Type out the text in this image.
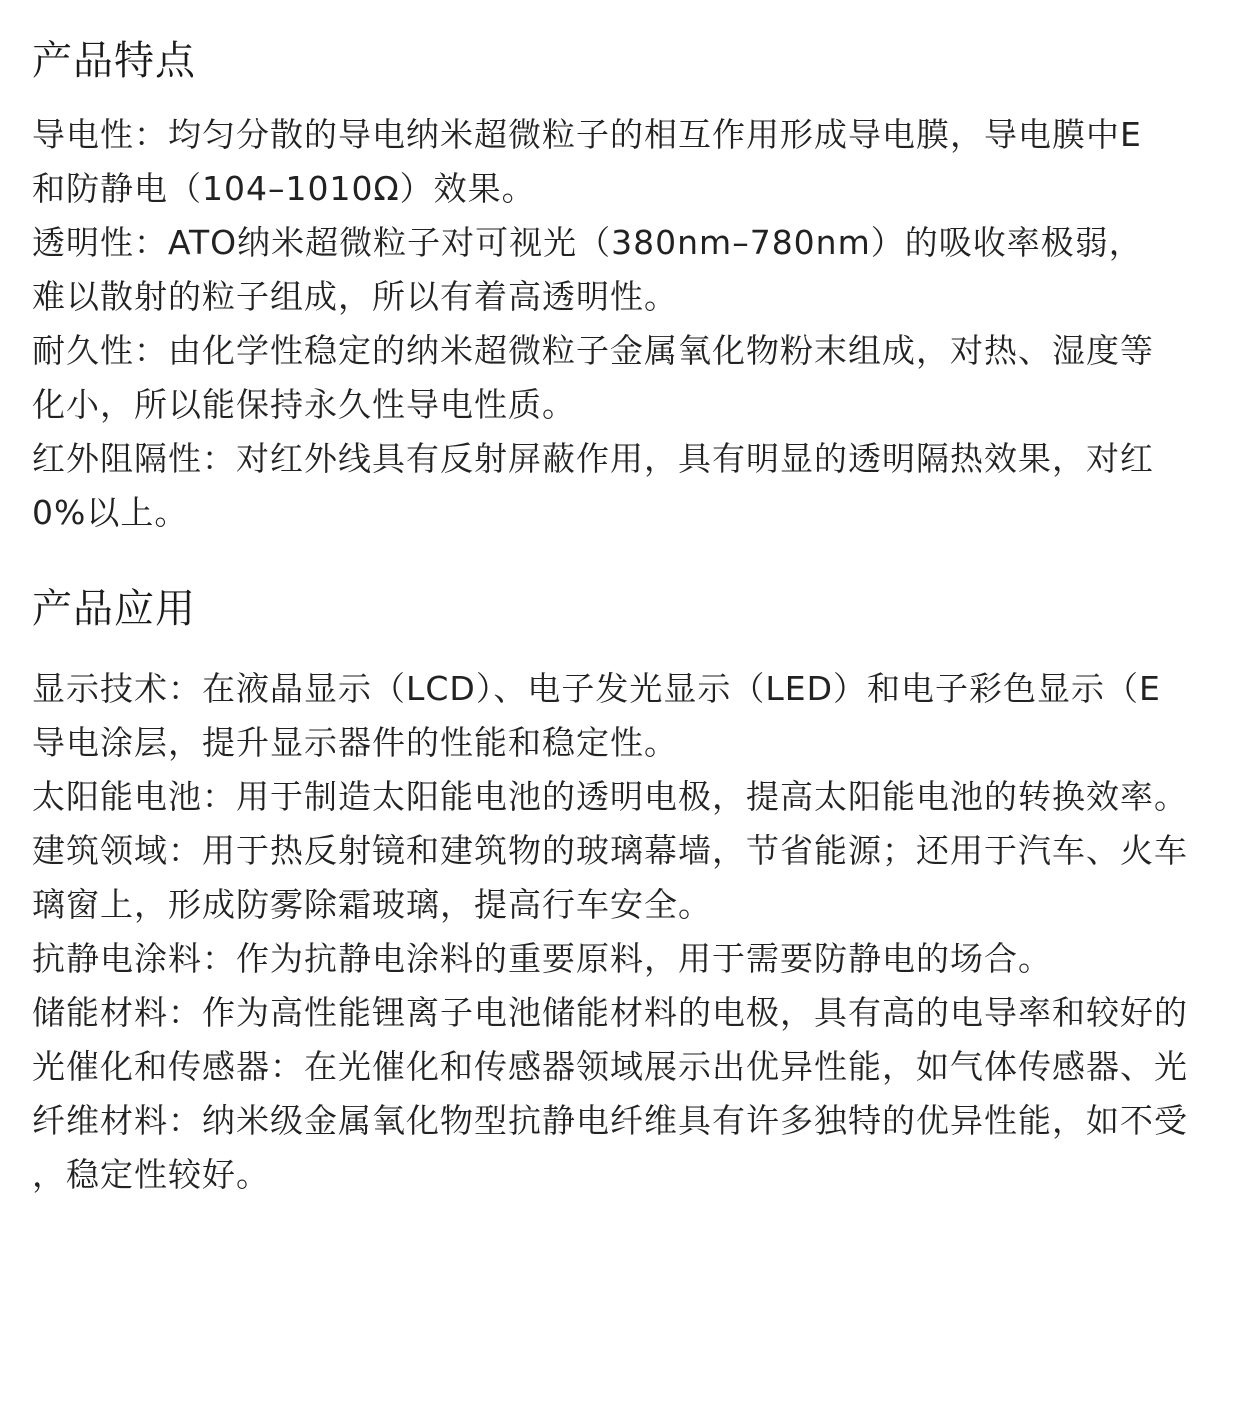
产品特点
导电性：均匀分散的导电纳米超微粒子的相互作用形成导电膜，导电膜中E
和防静电（104–1010Ω）效果。
透明性：ATO纳米超微粒子对可视光（380nm–780nm）的吸收率极弱，
难以散射的粒子组成，所以有着高透明性。
耐久性：由化学性稳定的纳米超微粒子金属氧化物粉末组成，对热、湿度等
化小，所以能保持永久性导电性质。
红外阻隔性：对红外线具有反射屏蔽作用，具有明显的透明隔热效果，对红
0%以上。
产品应用
显示技术：在液晶显示（LCD）、电子发光显示（LED）和电子彩色显示（E
导电涂层，提升显示器件的性能和稳定性。
太阳能电池：用于制造太阳能电池的透明电极，提高太阳能电池的转换效率。
建筑领域：用于热反射镜和建筑物的玻璃幕墙，节省能源；还用于汽车、火车
璃窗上，形成防雾除霜玻璃，提高行车安全。
抗静电涂料：作为抗静电涂料的重要原料，用于需要防静电的场合。
储能材料：作为高性能锂离子电池储能材料的电极，具有高的电导率和较好的
光催化和传感器：在光催化和传感器领域展示出优异性能，如气体传感器、光
纤维材料：纳米级金属氧化物型抗静电纤维具有许多独特的优异性能，如不受
，稳定性较好。
